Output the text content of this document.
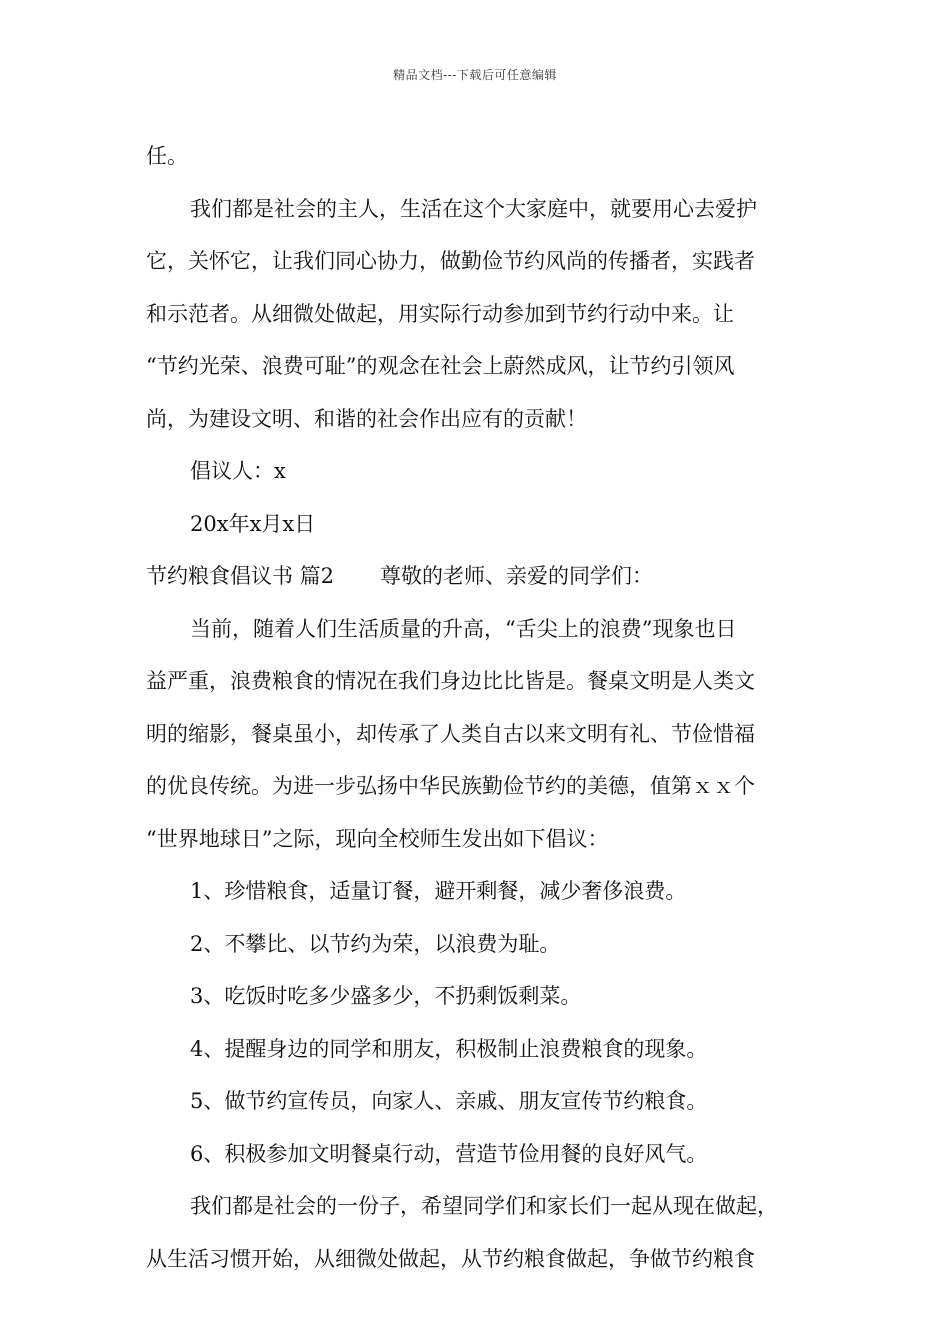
精品文档---下载后可任意编辑
任。
我们都是社会的主人，生活在这个大家庭中，就要用心去爱护
它，关怀它，让我们同心协力，做勤俭节约风尚的传播者，实践者
和示范者。从细微处做起，用实际行动参加到节约行动中来。让
“节约光荣、浪费可耻”的观念在社会上蔚然成风，让节约引领风
尚，为建设文明、和谐的社会作出应有的贡献！
倡议人：x
20x年x月x日
节约粮食倡议书 篇2 尊敬的老师、亲爱的同学们：
当前，随着人们生活质量的升高，“舌尖上的浪费”现象也日
益严重，浪费粮食的情况在我们身边比比皆是。餐桌文明是人类文
明的缩影，餐桌虽小，却传承了人类自古以来文明有礼、节俭惜福
的优良传统。为进一步弘扬中华民族勤俭节约的美德，值第ｘｘ个
“世界地球日”之际，现向全校师生发出如下倡议：
1、珍惜粮食，适量订餐，避开剩餐，减少奢侈浪费。
2、不攀比、以节约为荣，以浪费为耻。
3、吃饭时吃多少盛多少，不扔剩饭剩菜。
4、提醒身边的同学和朋友，积极制止浪费粮食的现象。
5、做节约宣传员，向家人、亲戚、朋友宣传节约粮食。
6、积极参加文明餐桌行动，营造节俭用餐的良好风气。
我们都是社会的一份子，希望同学们和家长们一起从现在做起，
从生活习惯开始，从细微处做起，从节约粮食做起，争做节约粮食
